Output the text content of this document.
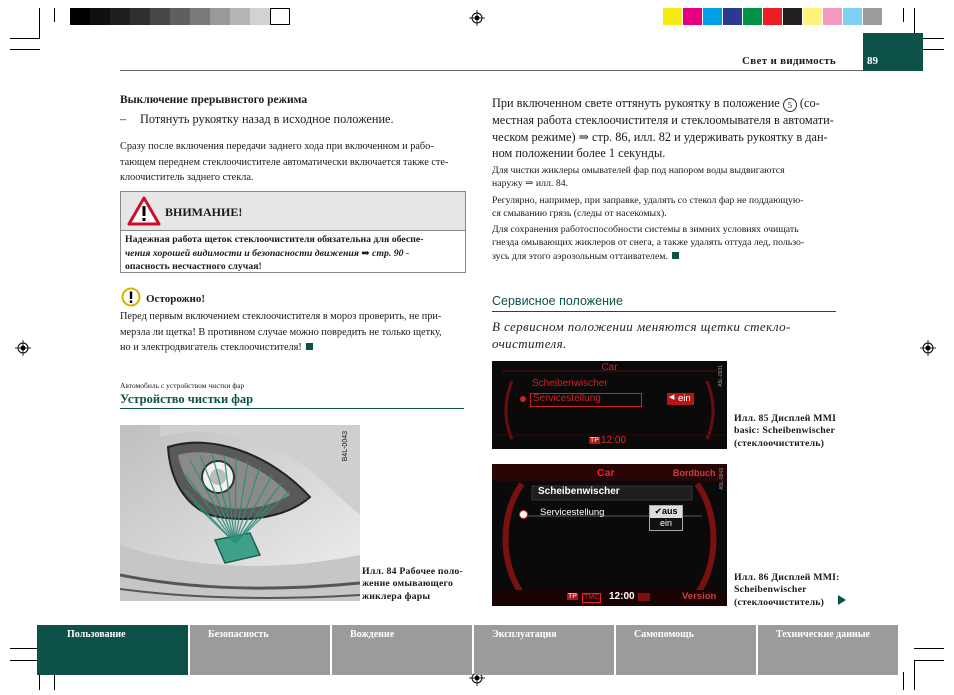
Свет и видимость	89
Выключение прерывистого режима
– Потянуть рукоятку назад в исходное положение.
Сразу после включения передачи заднего хода при включенном и рабо-
тающем переднем стеклоочистителе автоматически включается также сте-
клоочиститель заднего стекла.
ВНИМАНИЕ!
Надежная работа щеток стеклоочистителя обязательна для обеспе-
чения хорошей видимости и безопасности движения ➡ стр. 90 -
опасность несчастного случая!
Осторожно!
Перед первым включением стеклоочистителя в мороз проверить, не при-
мерзла ли щетка! В противном случае можно повредить не только щетку,
но и электродвигатель стеклоочистителя!
Автомобиль с устройством чистки фар
Устройство чистки фар
B4L-0043
Илл. 84 Рабочее поло-
жение омывающего
жиклера фары
При включенном свете оттянуть рукоятку в положение 5 (со-
местная работа стеклоочистителя и стеклоомывателя в автомати-
ческом режиме) ⇒ стр. 86, илл. 82 и удерживать рукоятку в дан-
ном положении более 1 секунды.
Для чистки жиклеры омывателей фар под напором воды выдвигаются
наружу ⇒ илл. 84.
Регулярно, например, при заправке, удалять со стекол фар не поддающую-
ся смыванию грязь (следы от насекомых).
Для сохранения работоспособности системы в зимних условиях очищать
гнезда омывающих жиклеров от снега, а также удалять оттуда лед, пользо-
зусь для этого аэрозольным оттаивателем.
Сервисное положение
В сервисном положении меняются щетки стекло-
очистителя.
Car
Scheibenwischer
Servicestellung	◀ ein
TP 12:00
A5L-0931
Илл. 85 Дисплей MMI
basic: Scheibenwischer
(стеклоочиститель)
Car	Bordbuch
Scheibenwischer
Servicestellung	✔aus
ein
TP TMC 12:00	Version
A5L-0943
Илл. 86 Дисплей MMI:
Scheibenwischer
(стеклоочиститель)
Пользование	Безопасность	Вождение	Эксплуатация	Самопомощь	Технические данные
